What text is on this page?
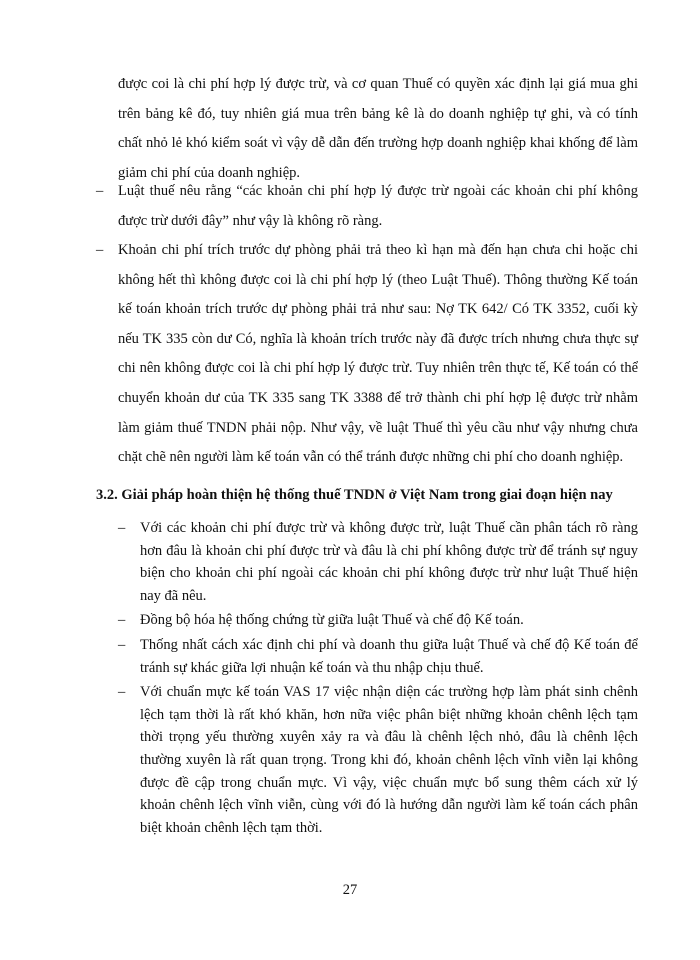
được coi là chi phí hợp lý được trừ, và cơ quan Thuế có quyền xác định lại giá mua ghi trên bảng kê đó, tuy nhiên giá mua trên bảng kê là do doanh nghiệp tự ghi, và có tính chất nhỏ lẻ khó kiểm soát vì vậy dễ dẫn đến trường hợp doanh nghiệp khai khống để làm giảm chi phí của doanh nghiệp.

– Luật thuế nêu rằng “các khoản chi phí hợp lý được trừ ngoài các khoản chi phí không được trừ dưới đây” như vậy là không rõ ràng.
– Khoản chi phí trích trước dự phòng phải trả theo kì hạn mà đến hạn chưa chi hoặc chi không hết thì không được coi là chi phí hợp lý (theo Luật Thuế). Thông thường Kế toán kế toán khoản trích trước dự phòng phải trả như sau: Nợ TK 642/ Có TK 3352, cuối kỳ nếu TK 335 còn dư Có, nghĩa là khoản trích trước này đã được trích nhưng chưa thực sự chi nên không được coi là chi phí hợp lý được trừ. Tuy nhiên trên thực tế, Kế toán có thể chuyển khoản dư của TK 335 sang TK 3388 để trở thành chi phí hợp lệ được trừ nhằm làm giảm thuế TNDN phải nộp. Như vậy, về luật Thuế thì yêu cầu như vậy nhưng chưa chặt chẽ nên người làm kế toán vẫn có thể tránh được những chi phí cho doanh nghiệp.
3.2. Giải pháp hoàn thiện hệ thống thuế TNDN ở Việt Nam trong giai đoạn hiện nay
– Với các khoản chi phí được trừ và không được trừ, luật Thuế cần phân tách rõ ràng hơn đâu là khoản chi phí được trừ và đâu là chi phí không được trừ để tránh sự nguy biện cho khoản chi phí ngoài các khoản chi phí không được trừ như luật Thuế hiện nay đã nêu.
– Đồng bộ hóa hệ thống chứng từ giữa luật Thuế và chế độ Kế toán.
– Thống nhất cách xác định chi phí và doanh thu giữa luật Thuế và chế độ Kế toán để tránh sự khác giữa lợi nhuận kế toán và thu nhập chịu thuế.
– Với chuẩn mực kế toán VAS 17 việc nhận diện các trường hợp làm phát sinh chênh lệch tạm thời là rất khó khăn, hơn nữa việc phân biệt những khoản chênh lệch tạm thời trọng yếu thường xuyên xảy ra và đâu là chênh lệch nhỏ, đâu là chênh lệch thường xuyên là rất quan trọng. Trong khi đó, khoản chênh lệch vĩnh viễn lại không được đề cập trong chuẩn mực. Vì vậy, việc chuẩn mực bổ sung thêm cách xử lý khoản chênh lệch vĩnh viễn, cùng với đó là hướng dẫn người làm kế toán cách phân biệt khoản chênh lệch tạm thời.

27
